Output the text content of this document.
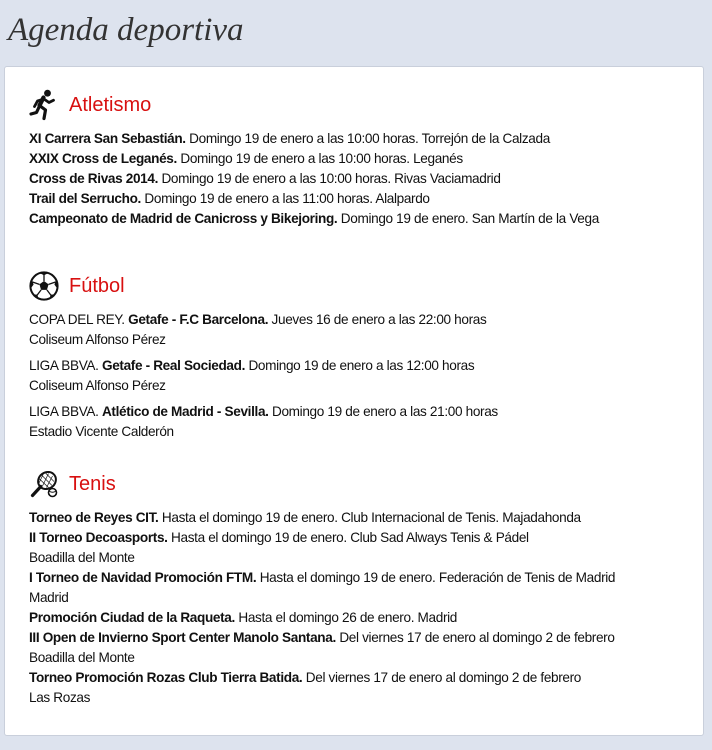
Agenda deportiva
Atletismo
XI Carrera San Sebastián. Domingo 19 de enero a las 10:00 horas. Torrejón de la Calzada
XXIX Cross de Leganés. Domingo 19 de enero a las 10:00 horas. Leganés
Cross de Rivas 2014. Domingo 19 de enero a las 10:00 horas. Rivas Vaciamadrid
Trail del Serrucho. Domingo 19 de enero a las 11:00 horas. Alalpardo
Campeonato de Madrid de Canicross y Bikejoring. Domingo 19 de enero. San Martín de la Vega
Fútbol
COPA DEL REY. Getafe - F.C Barcelona. Jueves 16 de enero a las 22:00 horas
Coliseum Alfonso Pérez
LIGA BBVA. Getafe - Real Sociedad. Domingo 19 de enero a las 12:00 horas
Coliseum Alfonso Pérez
LIGA BBVA. Atlético de Madrid - Sevilla. Domingo 19 de enero a las 21:00 horas
Estadio Vicente Calderón
Tenis
Torneo de Reyes CIT. Hasta el domingo 19 de enero. Club Internacional de Tenis. Majadahonda
II Torneo Decoasports. Hasta el domingo 19 de enero. Club Sad Always Tenis & Pádel
Boadilla del Monte
I Torneo de Navidad Promoción FTM. Hasta el domingo 19 de enero. Federación de Tenis de Madrid
Madrid
Promoción Ciudad de la Raqueta. Hasta el domingo 26 de enero. Madrid
III Open de Invierno Sport Center Manolo Santana. Del viernes 17 de enero al domingo 2 de febrero
Boadilla del Monte
Torneo Promoción Rozas Club Tierra Batida. Del viernes 17 de enero al domingo 2 de febrero
Las Rozas
